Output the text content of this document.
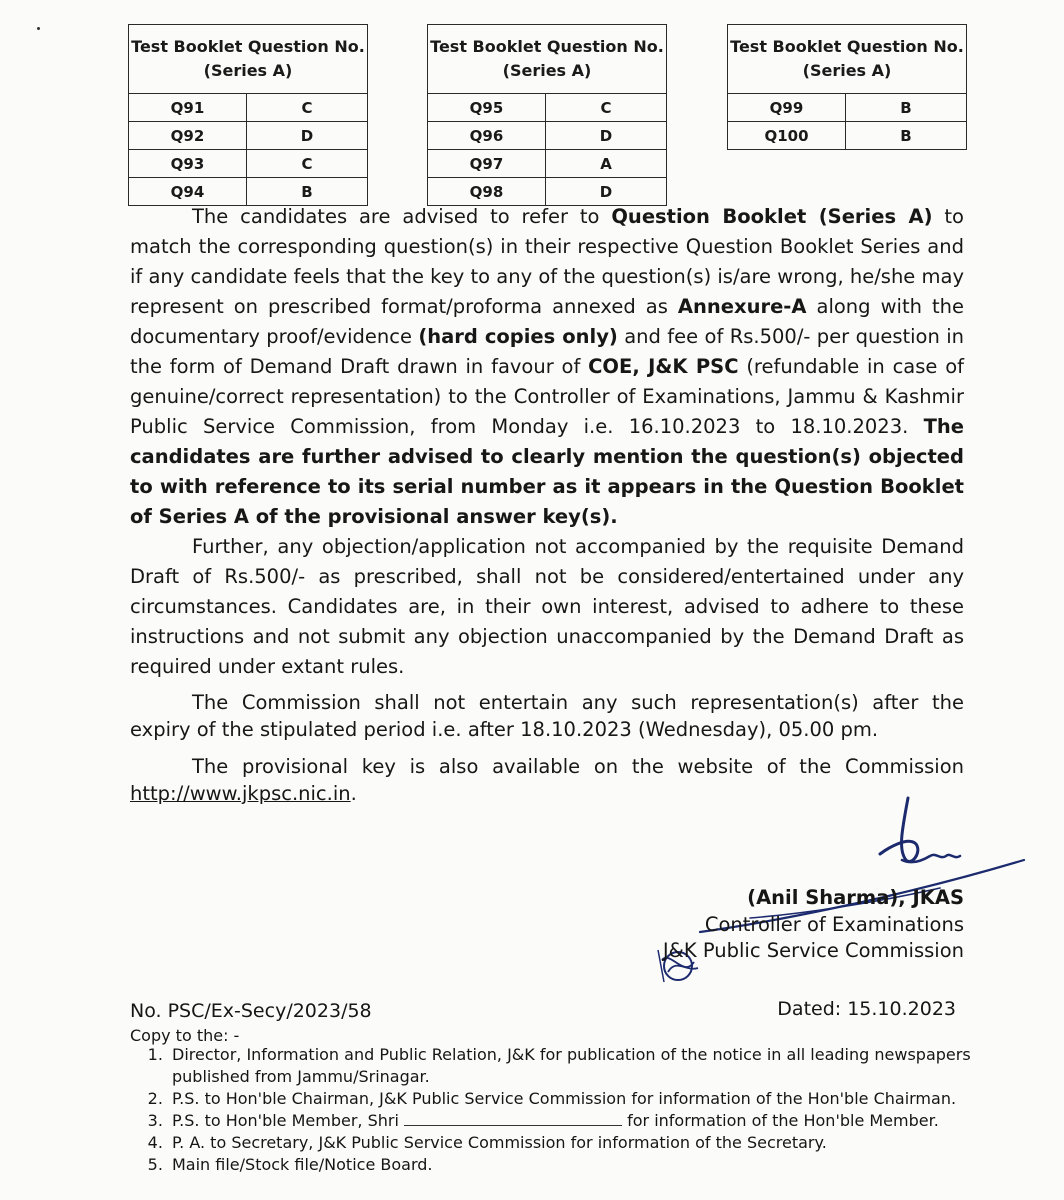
Test Booklet Question No.
(Series A)	
Q91	C
Q92	D
Q93	C
Q94	B
Test Booklet Question No.
(Series A)	
Q95	C
Q96	D
Q97	A
Q98	D
Test Booklet Question No.
(Series A)	
Q99	B
Q100	B
The candidates are advised to refer to Question Booklet (Series A) to match the corresponding question(s) in their respective Question Booklet Series and if any candidate feels that the key to any of the question(s) is/are wrong, he/she may represent on prescribed format/proforma annexed as Annexure-A along with the documentary proof/evidence (hard copies only) and fee of Rs.500/- per question in the form of Demand Draft drawn in favour of COE, J&K PSC (refundable in case of genuine/correct representation) to the Controller of Examinations, Jammu & Kashmir Public Service Commission, from Monday i.e. 16.10.2023 to 18.10.2023. The candidates are further advised to clearly mention the question(s) objected to with reference to its serial number as it appears in the Question Booklet of Series A of the provisional answer key(s).
Further, any objection/application not accompanied by the requisite Demand Draft of Rs.500/- as prescribed, shall not be considered/entertained under any circumstances. Candidates are, in their own interest, advised to adhere to these instructions and not submit any objection unaccompanied by the Demand Draft as required under extant rules.
The Commission shall not entertain any such representation(s) after the expiry of the stipulated period i.e. after 18.10.2023 (Wednesday), 05.00 pm.
The provisional key is also available on the website of the Commission http://www.jkpsc.nic.in.
(Anil Sharma), JKAS
Controller of Examinations
J&K Public Service Commission
No. PSC/Ex-Secy/2023/58	Dated: 15.10.2023
Copy to the: -
1. Director, Information and Public Relation, J&K for publication of the notice in all leading newspapers published from Jammu/Srinagar.
2. P.S. to Hon'ble Chairman, J&K Public Service Commission for information of the Hon'ble Chairman.
3. P.S. to Hon'ble Member, Shri	for information of the Hon'ble Member.
4. P. A. to Secretary, J&K Public Service Commission for information of the Secretary.
5. Main file/Stock file/Notice Board.
